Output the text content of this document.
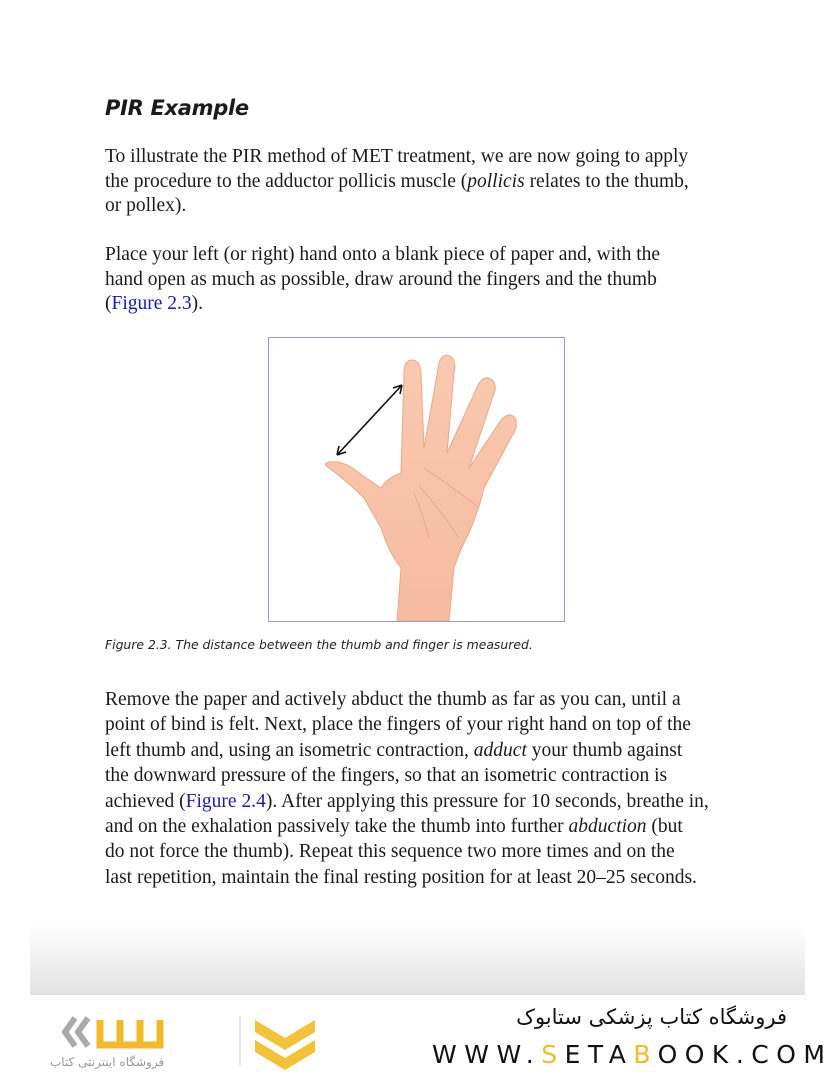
PIR Example
To illustrate the PIR method of MET treatment, we are now going to apply
the procedure to the adductor pollicis muscle (pollicis relates to the thumb,
or pollex).
Place your left (or right) hand onto a blank piece of paper and, with the
hand open as much as possible, draw around the fingers and the thumb
(Figure 2.3).
Figure 2.3. The distance between the thumb and finger is measured.
Remove the paper and actively abduct the thumb as far as you can, until a
point of bind is felt. Next, place the fingers of your right hand on top of the
left thumb and, using an isometric contraction, adduct your thumb against
the downward pressure of the fingers, so that an isometric contraction is
achieved (Figure 2.4). After applying this pressure for 10 seconds, breathe in,
and on the exhalation passively take the thumb into further abduction (but
do not force the thumb). Repeat this sequence two more times and on the
last repetition, maintain the final resting position for at least 20–25 seconds.
فروشگاه کتاب پزشکی ستابوک
WWW.SETABOOK.COM
فروشگاه اینترنتی کتاب
